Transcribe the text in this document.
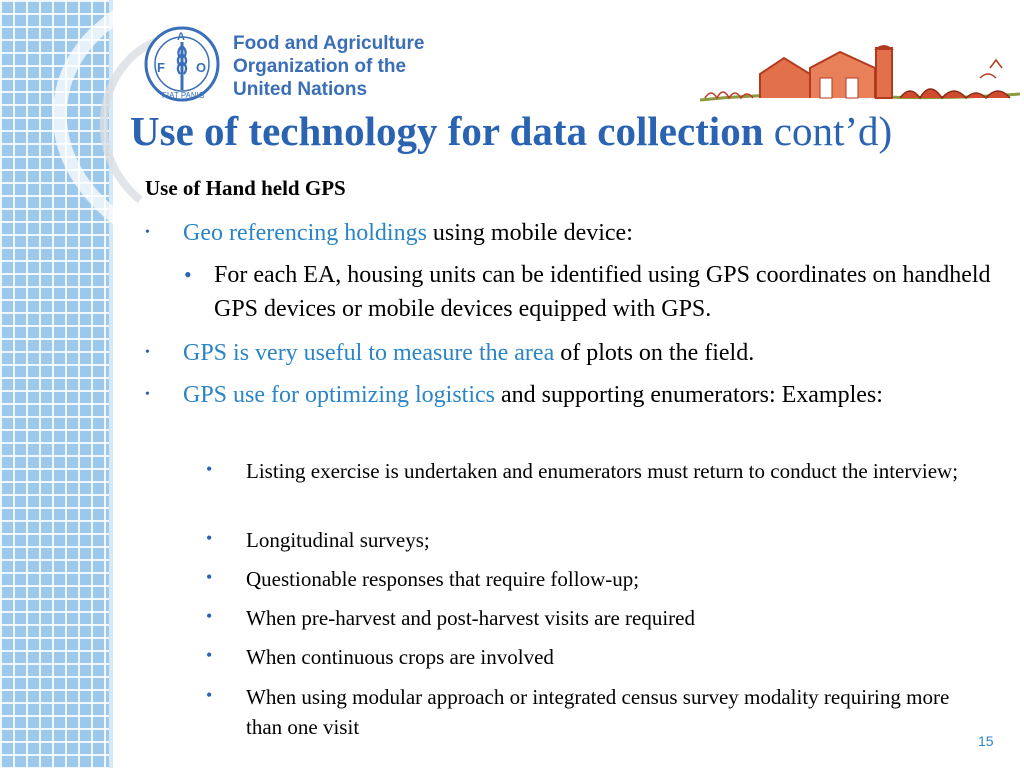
F
A
O
FIAT PANIS
Food and Agriculture
Organization of the
United Nations
Use of technology for data collection cont’d)
Use of Hand held GPS
• Geo referencing holdings using mobile device:
• For each EA, housing units can be identified using GPS coordinates on handheld GPS devices or mobile devices equipped with GPS.
• GPS is very useful to measure the area of plots on the field.
• GPS use for optimizing logistics and supporting enumerators: Examples:
• Listing exercise is undertaken and enumerators must return to conduct the interview;
• Longitudinal surveys;
• Questionable responses that require follow-up;
• When pre-harvest and post-harvest visits are required
• When continuous crops are involved
• When using modular approach or integrated census survey modality requiring more than one visit
15
